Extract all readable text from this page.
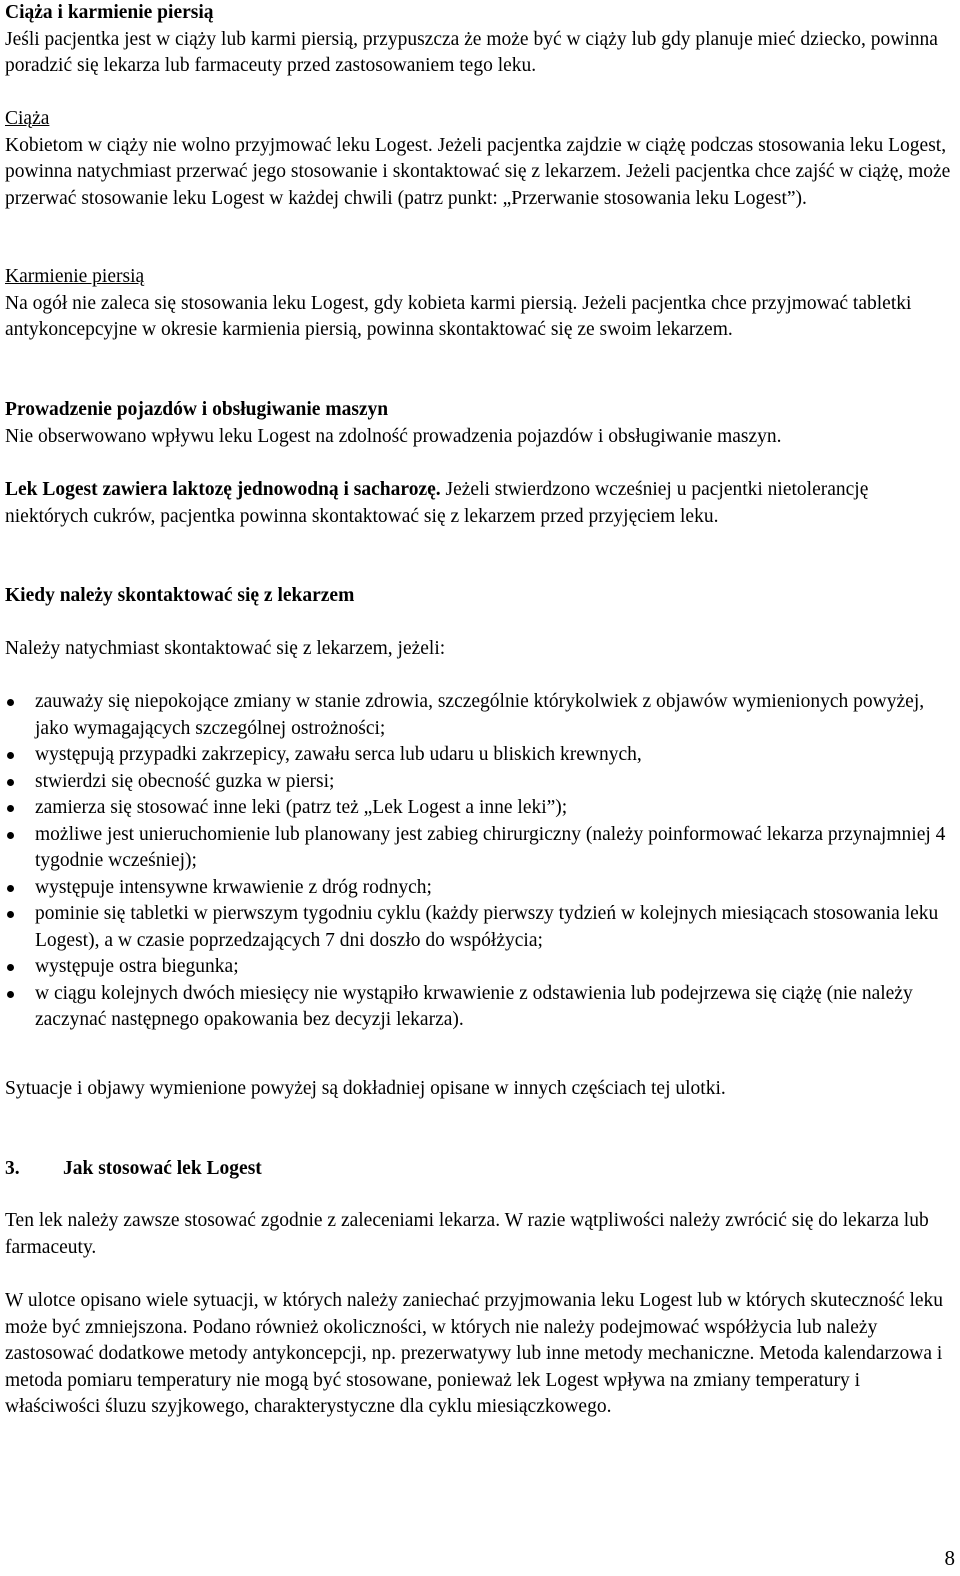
Ciąża i karmienie piersią

Jeśli pacjentka jest w ciąży lub karmi piersią, przypuszcza że może być w ciąży lub gdy planuje mieć dziecko, powinna poradzić się lekarza lub farmaceuty przed zastosowaniem tego leku.

Ciąża

Kobietom w ciąży nie wolno przyjmować leku Logest. Jeżeli pacjentka zajdzie w ciążę podczas stosowania leku Logest, powinna natychmiast przerwać jego stosowanie i skontaktować się z lekarzem. Jeżeli pacjentka chce zajść w ciążę, może przerwać stosowanie leku Logest w każdej chwili (patrz punkt: „Przerwanie stosowania leku Logest”).

Karmienie piersią

Na ogół nie zaleca się stosowania leku Logest, gdy kobieta karmi piersią. Jeżeli pacjentka chce przyjmować tabletki antykoncepcyjne w okresie karmienia piersią, powinna skontaktować się ze swoim lekarzem.

Prowadzenie pojazdów i obsługiwanie maszyn

Nie obserwowano wpływu leku Logest na zdolność prowadzenia pojazdów i obsługiwanie maszyn.

Lek Logest zawiera laktozę jednowodną i sacharozę. Jeżeli stwierdzono wcześniej u pacjentki nietolerancję niektórych cukrów, pacjentka powinna skontaktować się z lekarzem przed przyjęciem leku.

Kiedy należy skontaktować się z lekarzem

Należy natychmiast skontaktować się z lekarzem, jeżeli:

zauważy się niepokojące zmiany w stanie zdrowia, szczególnie którykolwiek z objawów wymienionych powyżej, jako wymagających szczególnej ostrożności;
występują przypadki zakrzepicy, zawału serca lub udaru u bliskich krewnych,
stwierdzi się obecność guzka w piersi;
zamierza się stosować inne leki (patrz też „Lek Logest a inne leki”);
możliwe jest unieruchomienie lub planowany jest zabieg chirurgiczny (należy poinformować lekarza przynajmniej 4 tygodnie wcześniej);
występuje intensywne krwawienie z dróg rodnych;
pominie się tabletki w pierwszym tygodniu cyklu (każdy pierwszy tydzień w kolejnych miesiącach stosowania leku Logest), a w czasie poprzedzających 7 dni doszło do współżycia;
występuje ostra biegunka;
w ciągu kolejnych dwóch miesięcy nie wystąpiło krwawienie z odstawienia lub podejrzewa się ciążę (nie należy zaczynać następnego opakowania bez decyzji lekarza).

Sytuacje i objawy wymienione powyżej są dokładniej opisane w innych częściach tej ulotki.

3. Jak stosować lek Logest

Ten lek należy zawsze stosować zgodnie z zaleceniami lekarza. W razie wątpliwości należy zwrócić się do lekarza lub farmaceuty.

W ulotce opisano wiele sytuacji, w których należy zaniechać przyjmowania leku Logest lub w których skuteczność leku może być zmniejszona. Podano również okoliczności, w których nie należy podejmować współżycia lub należy zastosować dodatkowe metody antykoncepcji, np. prezerwatywy lub inne metody mechaniczne. Metoda kalendarzowa i metoda pomiaru temperatury nie mogą być stosowane, ponieważ lek Logest wpływa na zmiany temperatury i właściwości śluzu szyjkowego, charakterystyczne dla cyklu miesiączkowego.

8
